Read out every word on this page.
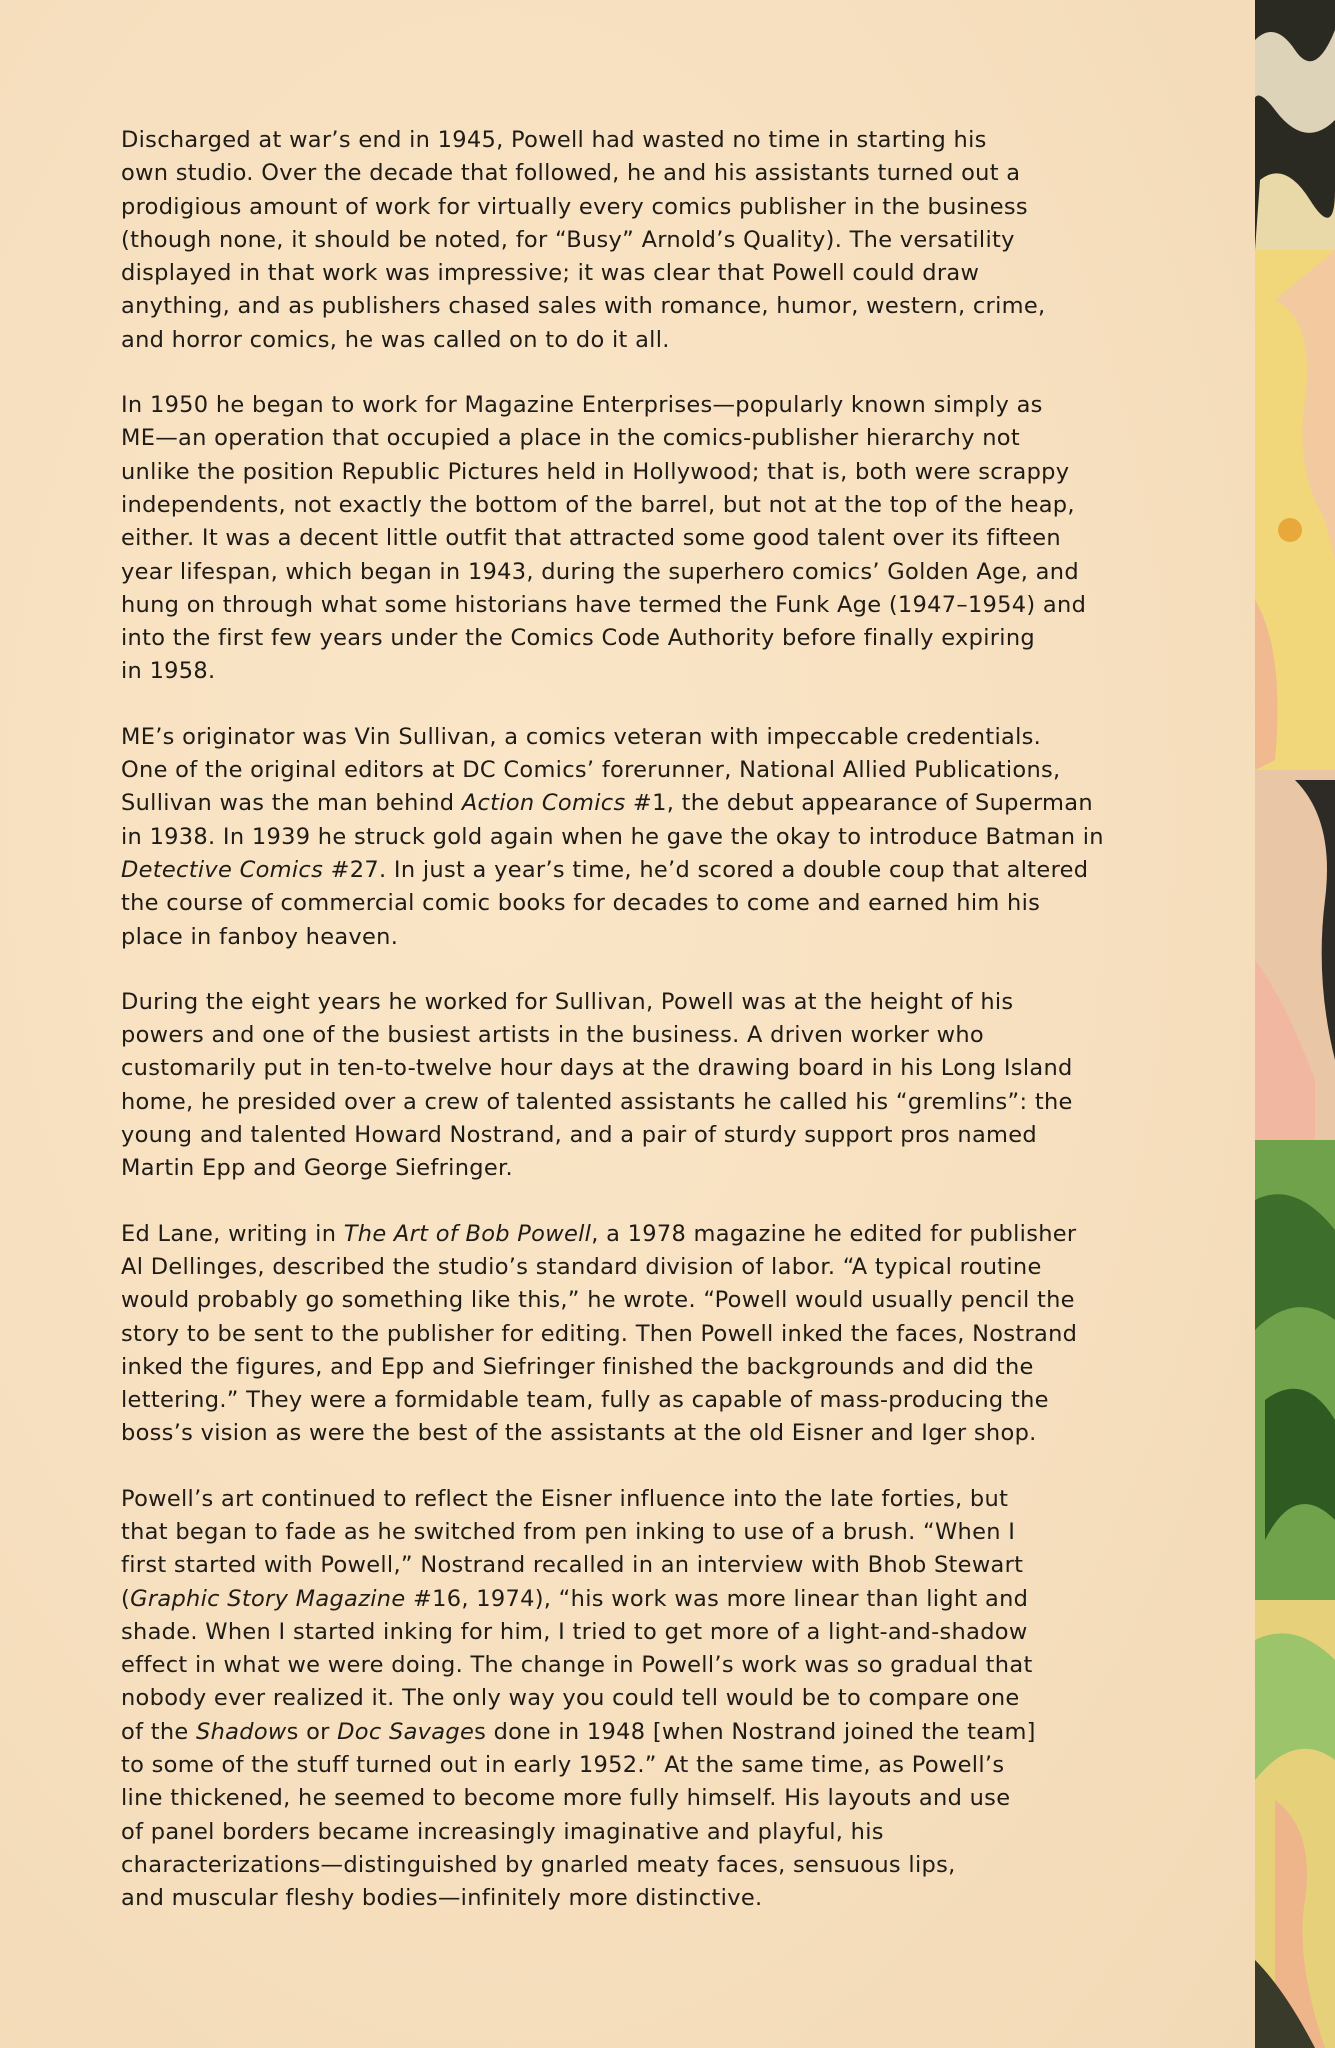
Discharged at war’s end in 1945, Powell had wasted no time in starting his
own studio. Over the decade that followed, he and his assistants turned out a
prodigious amount of work for virtually every comics publisher in the business
(though none, it should be noted, for “Busy” Arnold’s Quality). The versatility
displayed in that work was impressive; it was clear that Powell could draw
anything, and as publishers chased sales with romance, humor, western, crime,
and horror comics, he was called on to do it all.

In 1950 he began to work for Magazine Enterprises—popularly known simply as
ME—an operation that occupied a place in the comics-publisher hierarchy not
unlike the position Republic Pictures held in Hollywood; that is, both were scrappy
independents, not exactly the bottom of the barrel, but not at the top of the heap,
either. It was a decent little outfit that attracted some good talent over its fifteen
year lifespan, which began in 1943, during the superhero comics’ Golden Age, and
hung on through what some historians have termed the Funk Age (1947–1954) and
into the first few years under the Comics Code Authority before finally expiring
in 1958.

ME’s originator was Vin Sullivan, a comics veteran with impeccable credentials.
One of the original editors at DC Comics’ forerunner, National Allied Publications,
Sullivan was the man behind Action Comics #1, the debut appearance of Superman
in 1938. In 1939 he struck gold again when he gave the okay to introduce Batman in
Detective Comics #27. In just a year’s time, he’d scored a double coup that altered
the course of commercial comic books for decades to come and earned him his
place in fanboy heaven.

During the eight years he worked for Sullivan, Powell was at the height of his
powers and one of the busiest artists in the business. A driven worker who
customarily put in ten-to-twelve hour days at the drawing board in his Long Island
home, he presided over a crew of talented assistants he called his “gremlins”: the
young and talented Howard Nostrand, and a pair of sturdy support pros named
Martin Epp and George Siefringer.

Ed Lane, writing in The Art of Bob Powell, a 1978 magazine he edited for publisher
Al Dellinges, described the studio’s standard division of labor. “A typical routine
would probably go something like this,” he wrote. “Powell would usually pencil the
story to be sent to the publisher for editing. Then Powell inked the faces, Nostrand
inked the figures, and Epp and Siefringer finished the backgrounds and did the
lettering.” They were a formidable team, fully as capable of mass-producing the
boss’s vision as were the best of the assistants at the old Eisner and Iger shop.

Powell’s art continued to reflect the Eisner influence into the late forties, but
that began to fade as he switched from pen inking to use of a brush. “When I
first started with Powell,” Nostrand recalled in an interview with Bhob Stewart
(Graphic Story Magazine #16, 1974), “his work was more linear than light and
shade. When I started inking for him, I tried to get more of a light-and-shadow
effect in what we were doing. The change in Powell’s work was so gradual that
nobody ever realized it. The only way you could tell would be to compare one
of the Shadows or Doc Savages done in 1948 [when Nostrand joined the team]
to some of the stuff turned out in early 1952.” At the same time, as Powell’s
line thickened, he seemed to become more fully himself. His layouts and use
of panel borders became increasingly imaginative and playful, his
characterizations—distinguished by gnarled meaty faces, sensuous lips,
and muscular fleshy bodies—infinitely more distinctive.
